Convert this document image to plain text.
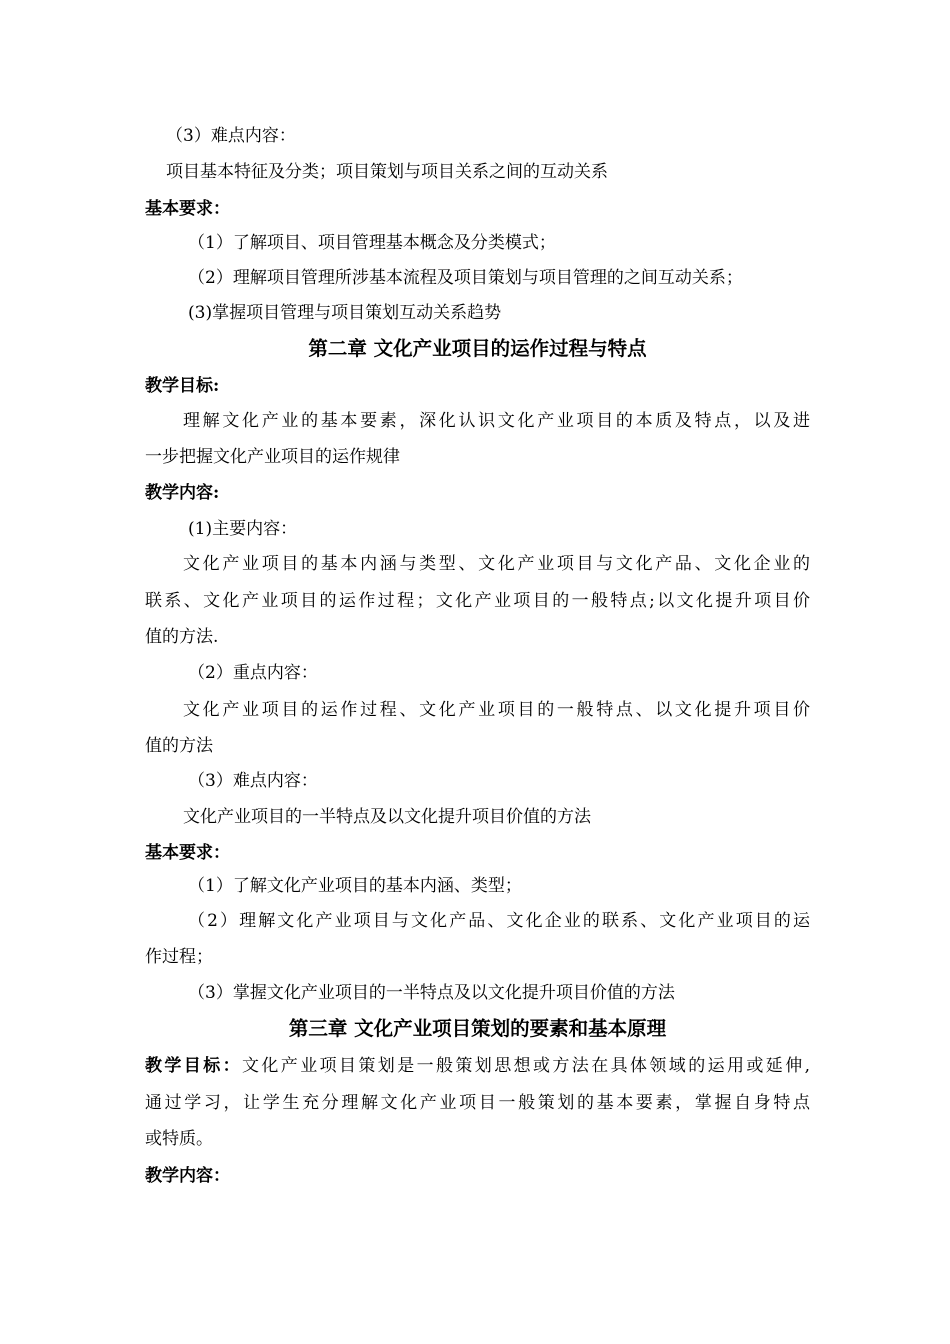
（3）难点内容：
项目基本特征及分类；项目策划与项目关系之间的互动关系
基本要求：
（1）了解项目、项目管理基本概念及分类模式；
（2）理解项目管理所涉基本流程及项目策划与项目管理的之间互动关系；
(3)掌握项目管理与项目策划互动关系趋势
第二章 文化产业项目的运作过程与特点
教学目标:
理解文化产业的基本要素，深化认识文化产业项目的本质及特点，以及进
一步把握文化产业项目的运作规律
教学内容:
(1)主要内容：
文化产业项目的基本内涵与类型、文化产业项目与文化产品、文化企业的
联系、文化产业项目的运作过程；文化产业项目的一般特点;以文化提升项目价
值的方法.
（2）重点内容：
文化产业项目的运作过程、文化产业项目的一般特点、以文化提升项目价
值的方法
（3）难点内容：
文化产业项目的一半特点及以文化提升项目价值的方法
基本要求：
（1）了解文化产业项目的基本内涵、类型；
（2）理解文化产业项目与文化产品、文化企业的联系、文化产业项目的运
作过程；
（3）掌握文化产业项目的一半特点及以文化提升项目价值的方法
第三章 文化产业项目策划的要素和基本原理
教学目标：文化产业项目策划是一般策划思想或方法在具体领域的运用或延伸,
通过学习，让学生充分理解文化产业项目一般策划的基本要素，掌握自身特点
或特质。
教学内容：
